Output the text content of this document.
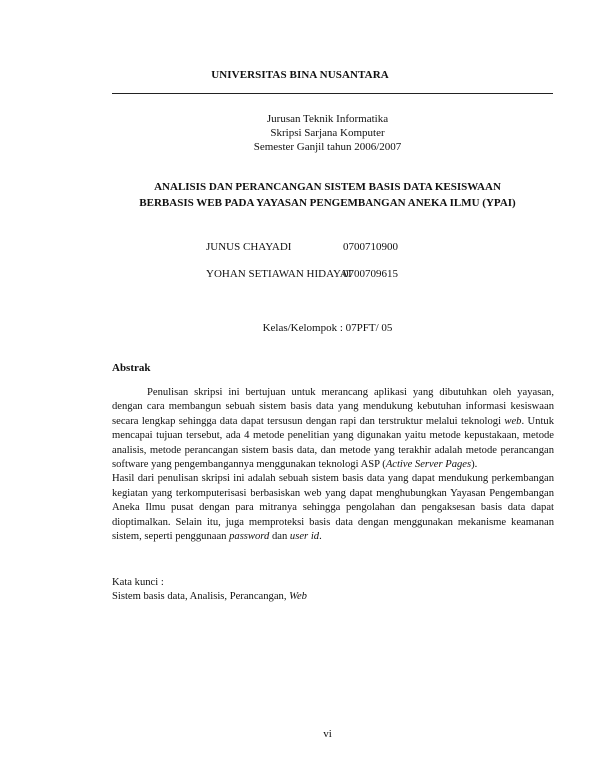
UNIVERSITAS BINA NUSANTARA
Jurusan Teknik Informatika
Skripsi Sarjana Komputer
Semester Ganjil tahun 2006/2007
ANALISIS DAN PERANCANGAN SISTEM BASIS DATA KESISWAAN
BERBASIS WEB PADA YAYASAN PENGEMBANGAN ANEKA ILMU (YPAI)
JUNUS CHAYADI	0700710900
YOHAN SETIAWAN HIDAYAT
0700709615
Kelas/Kelompok : 07PFT/ 05
Abstrak

Penulisan skripsi ini bertujuan untuk merancang aplikasi yang dibutuhkan oleh yayasan, dengan cara membangun sebuah sistem basis data yang mendukung kebutuhan informasi kesiswaan secara lengkap sehingga data dapat tersusun dengan rapi dan terstruktur melalui teknologi web. Untuk mencapai tujuan tersebut, ada 4 metode penelitian yang digunakan yaitu metode kepustakaan, metode analisis, metode perancangan sistem basis data, dan metode yang terakhir adalah metode perancangan software yang pengembangannya menggunakan teknologi ASP (Active Server Pages).

Hasil dari penulisan skripsi ini adalah sebuah sistem basis data yang dapat mendukung perkembangan kegiatan yang terkomputerisasi berbasiskan web yang dapat menghubungkan Yayasan Pengembangan Aneka Ilmu pusat dengan para mitranya sehingga pengolahan dan pengaksesan basis data dapat dioptimalkan. Selain itu, juga memproteksi basis data dengan menggunakan mekanisme keamanan sistem, seperti penggunaan password dan user id.

Kata kunci :
Sistem basis data, Analisis, Perancangan, Web
vi
